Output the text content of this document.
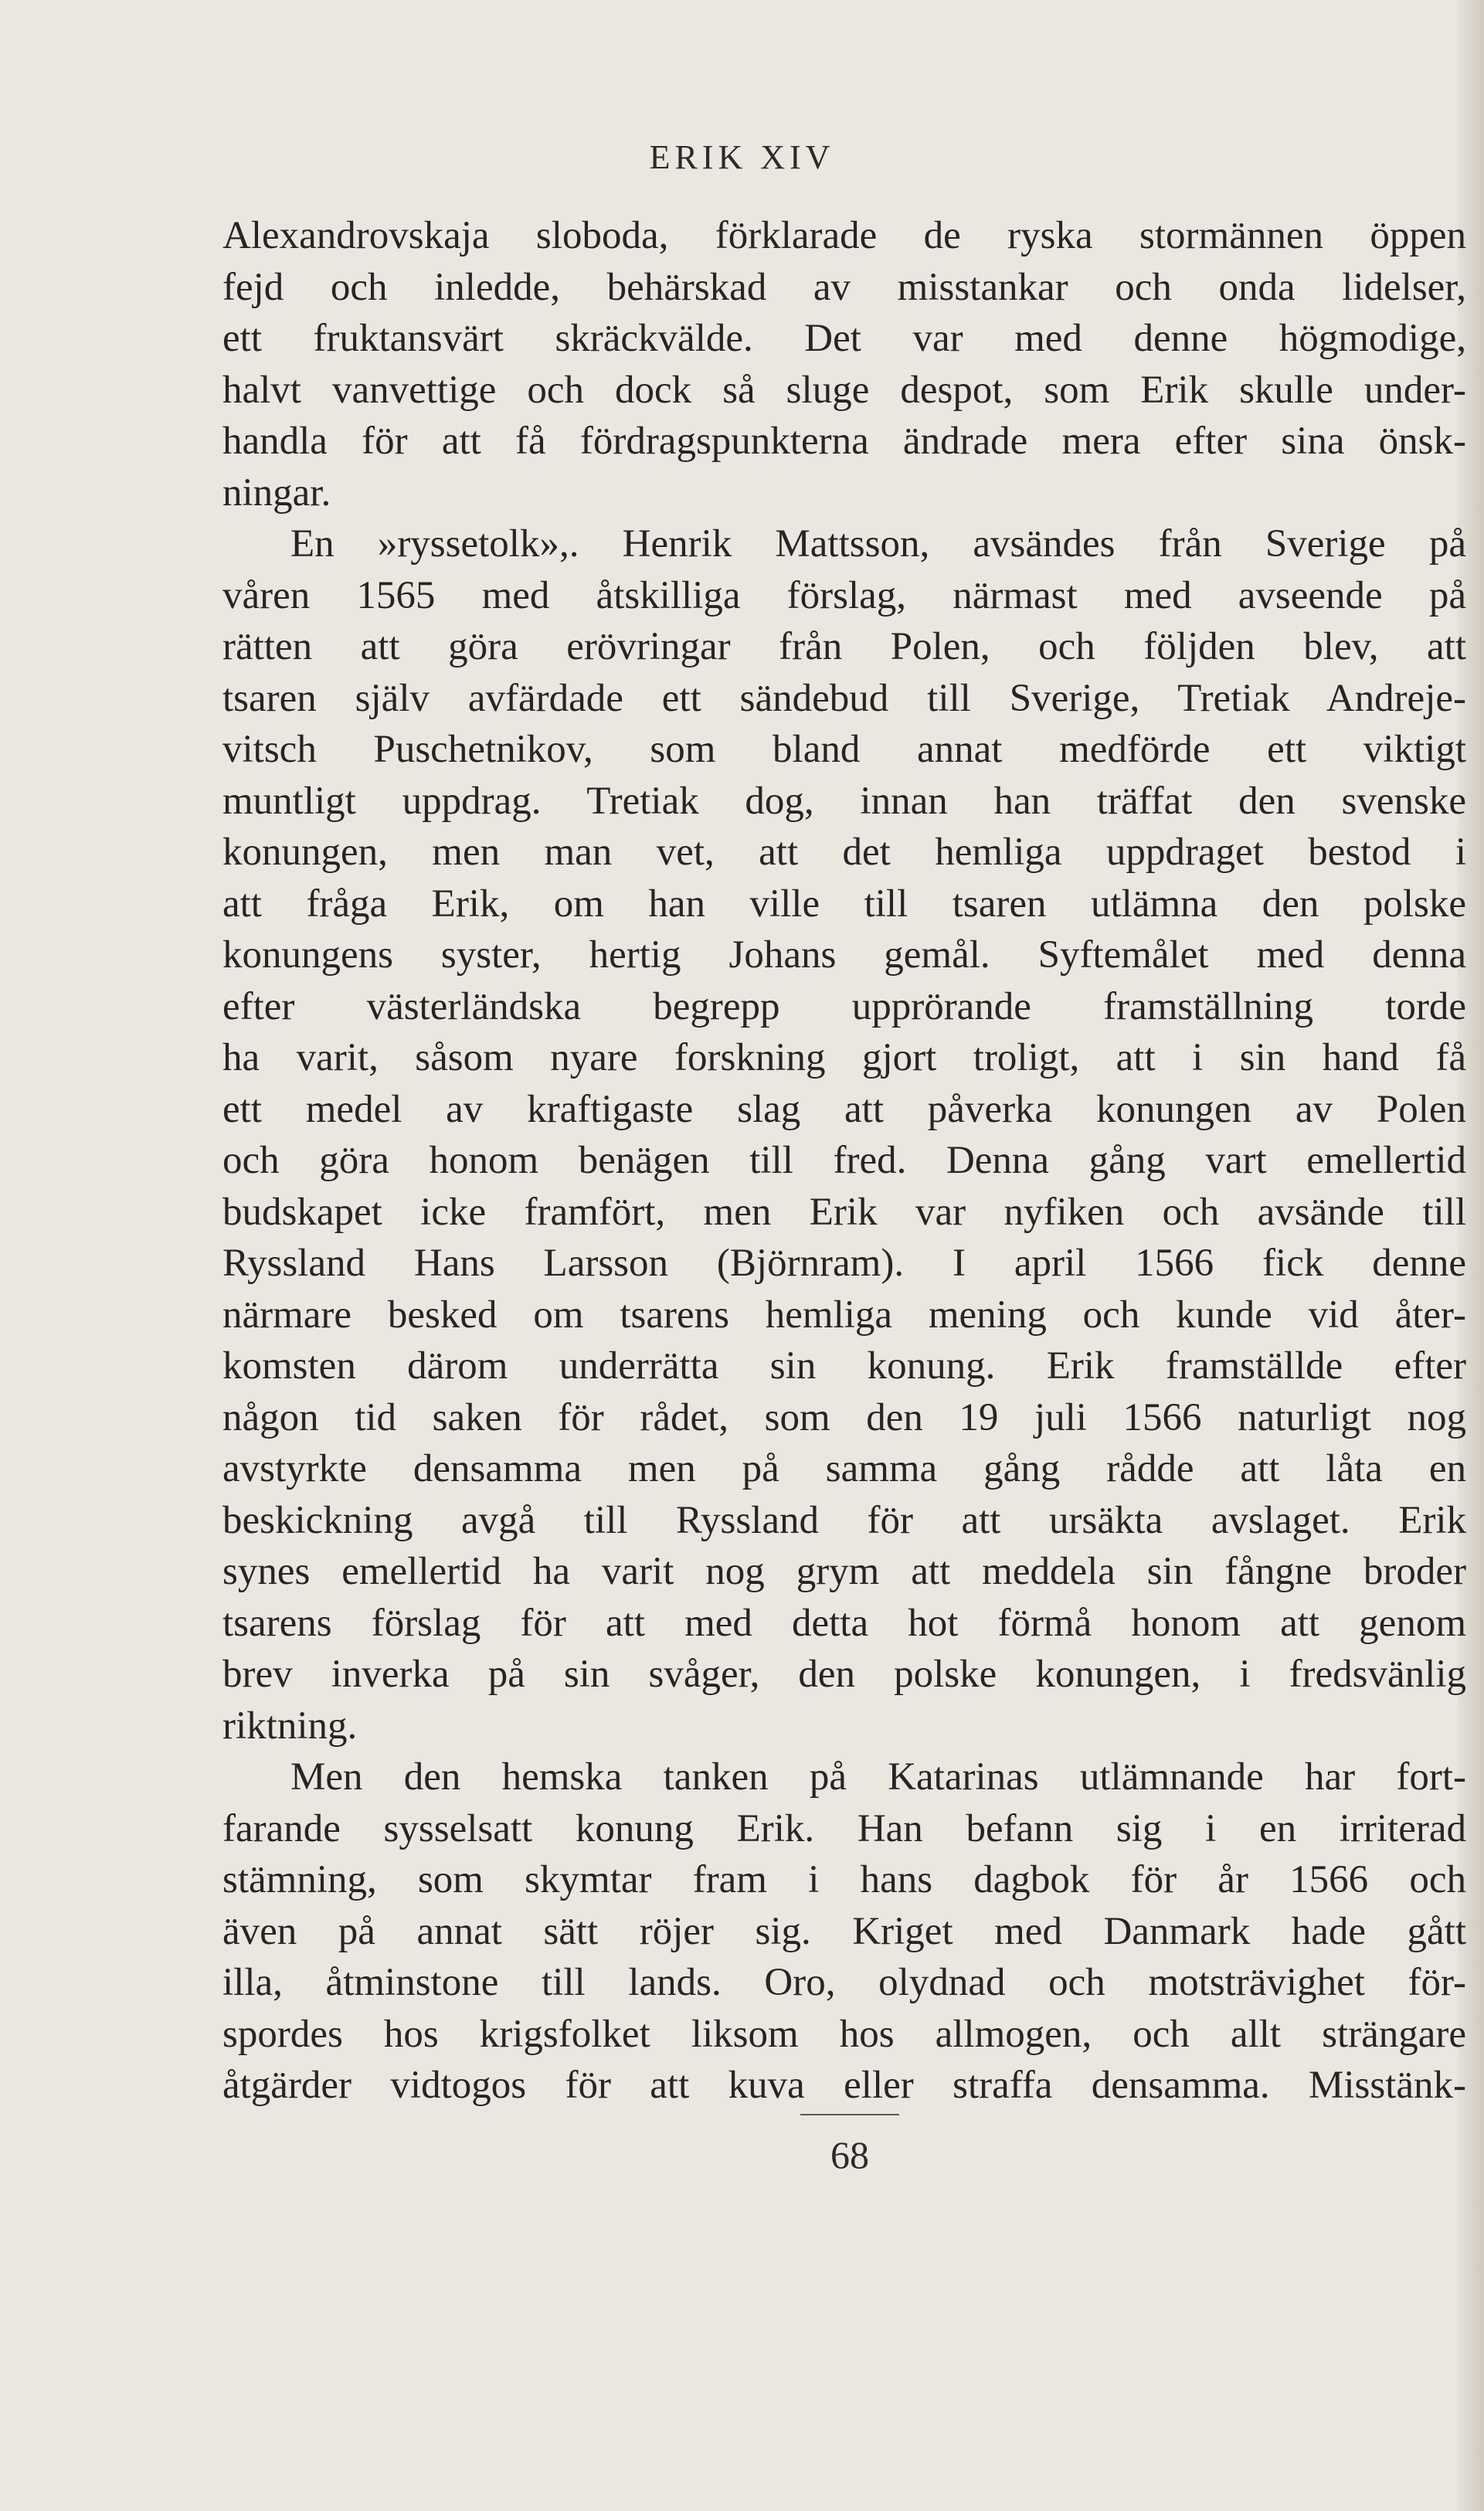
ERIK XIV

Alexandrovskaja sloboda, förklarade de ryska stormännen öppen
fejd och inledde, behärskad av misstankar och onda lidelser,
ett fruktansvärt skräckvälde. Det var med denne högmodige,
halvt vanvettige och dock så sluge despot, som Erik skulle under-
handla för att få fördragspunkterna ändrade mera efter sina önsk-
ningar.

En »ryssetolk»,. Henrik Mattsson, avsändes från Sverige på
våren 1565 med åtskilliga förslag, närmast med avseende på
rätten att göra erövringar från Polen, och följden blev, att
tsaren själv avfärdade ett sändebud till Sverige, Tretiak Andreje-
vitsch Puschetnikov, som bland annat medförde ett viktigt
muntligt uppdrag. Tretiak dog, innan han träffat den svenske
konungen, men man vet, att det hemliga uppdraget bestod i
att fråga Erik, om han ville till tsaren utlämna den polske
konungens syster, hertig Johans gemål. Syftemålet med denna
efter västerländska begrepp upprörande framställning torde
ha varit, såsom nyare forskning gjort troligt, att i sin hand få
ett medel av kraftigaste slag att påverka konungen av Polen
och göra honom benägen till fred. Denna gång vart emellertid
budskapet icke framfört, men Erik var nyfiken och avsände till
Ryssland Hans Larsson (Björnram). I april 1566 fick denne
närmare besked om tsarens hemliga mening och kunde vid åter-
komsten därom underrätta sin konung. Erik framställde efter
någon tid saken för rådet, som den 19 juli 1566 naturligt nog
avstyrkte densamma men på samma gång rådde att låta en
beskickning avgå till Ryssland för att ursäkta avslaget. Erik
synes emellertid ha varit nog grym att meddela sin fångne broder
tsarens förslag för att med detta hot förmå honom att genom
brev inverka på sin svåger, den polske konungen, i fredsvänlig
riktning.

Men den hemska tanken på Katarinas utlämnande har fort-
farande sysselsatt konung Erik. Han befann sig i en irriterad
stämning, som skymtar fram i hans dagbok för år 1566 och
även på annat sätt röjer sig. Kriget med Danmark hade gått
illa, åtminstone till lands. Oro, olydnad och motsträvighet för-
spordes hos krigsfolket liksom hos allmogen, och allt strängare
åtgärder vidtogos för att kuva eller straffa densamma. Misstänk-

68
